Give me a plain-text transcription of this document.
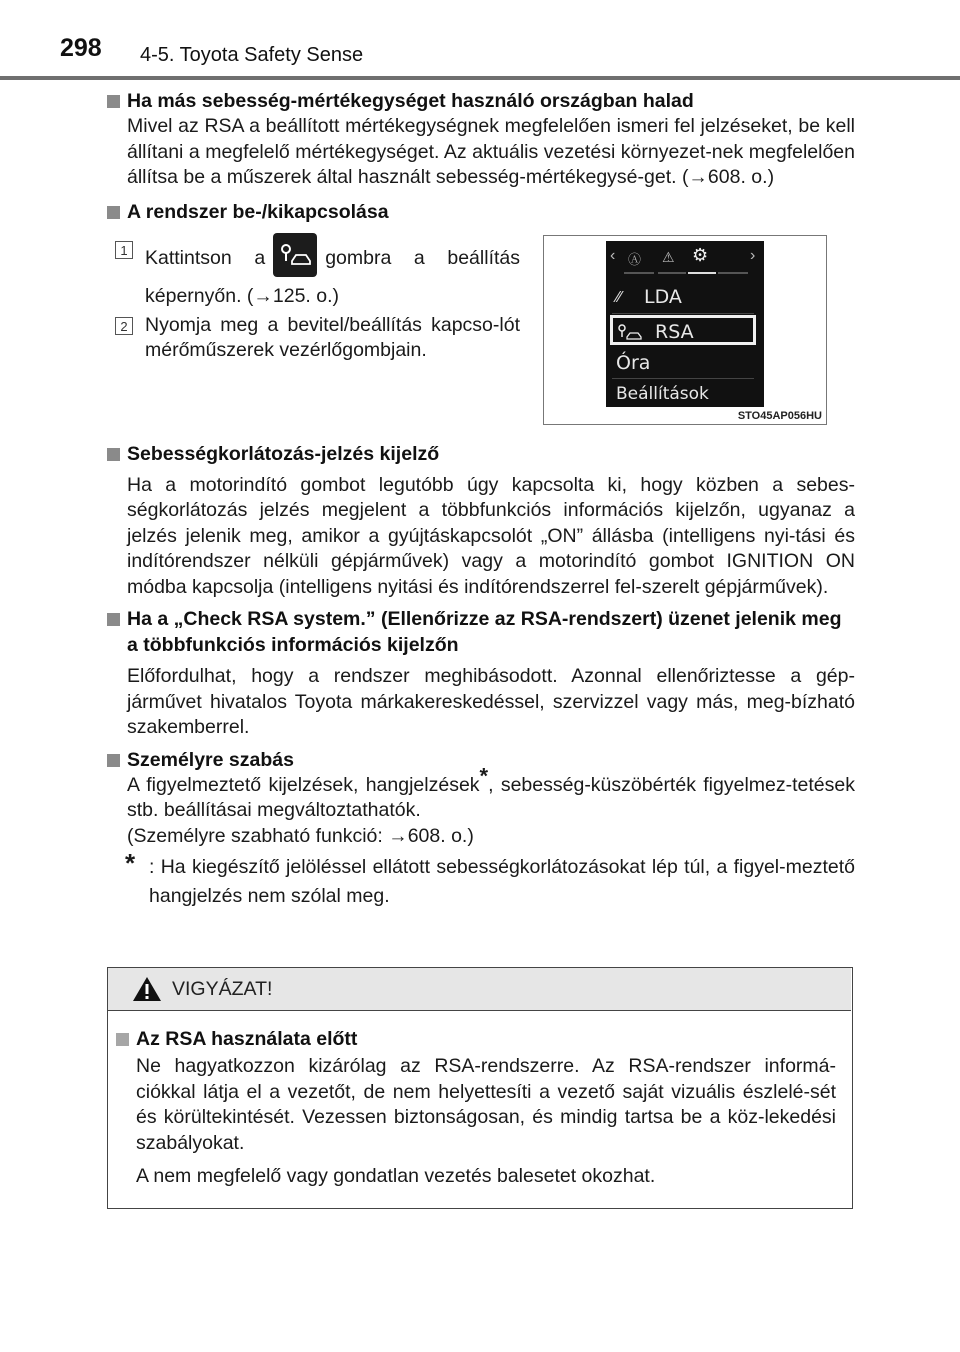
298 4-5. Toyota Safety Sense
Ha más sebesség-mértékegységet használó országban halad
Mivel az RSA a beállított mértékegységnek megfelelően ismeri fel jelzéseket, be kell állítani a megfelelő mértékegységet. Az aktuális vezetési környezet-nek megfelelően állítsa be a műszerek által használt sebesség-mértékegysé-get. (→608. o.)
A rendszer be-/kikapcsolása
1 Kattintson a	gombra a beállítás képernyőn. (→125. o.)
2 Nyomja meg a bevitel/beállítás kapcso-lót mérőműszerek vezérlőgombjain.
‹ Ⓐ ⚠ ⚙	›
⁄⁄ LDA
RSA
Óra
Beállítások
STO45AP056HU
Sebességkorlátozás-jelzés kijelző
Ha a motorindító gombot legutóbb úgy kapcsolta ki, hogy közben a sebes-ségkorlátozás jelzés megjelent a többfunkciós információs kijelzőn, ugyanaz a jelzés jelenik meg, amikor a gyújtáskapcsolót „ON” állásba (intelligens nyi-tási és indítórendszer nélküli gépjárművek) vagy a motorindító gombot IGNITION ON módba kapcsolja (intelligens nyitási és indítórendszerrel fel-szerelt gépjárművek).
Ha a „Check RSA system.” (Ellenőrizze az RSA-rendszert) üzenet jelenik meg a többfunkciós információs kijelzőn
Előfordulhat, hogy a rendszer meghibásodott. Azonnal ellenőriztesse a gép-járművet hivatalos Toyota márkakereskedéssel, szervizzel vagy más, meg-bízható szakemberrel.
Személyre szabás
A figyelmeztető kijelzések, hangjelzések*, sebesség-küszöbérték figyelmez-tetések stb. beállításai megváltoztathatók.
(Személyre szabható funkció: →608. o.)
* : Ha kiegészítő jelöléssel ellátott sebességkorlátozásokat lép túl, a figyel-meztető hangjelzés nem szólal meg.
VIGYÁZAT!
Az RSA használata előtt
Ne hagyatkozzon kizárólag az RSA-rendszerre. Az RSA-rendszer informá-ciókkal látja el a vezetőt, de nem helyettesíti a vezető saját vizuális észlelé-sét és körültekintését. Vezessen biztonságosan, és mindig tartsa be a köz-lekedési szabályokat.
A nem megfelelő vagy gondatlan vezetés balesetet okozhat.
